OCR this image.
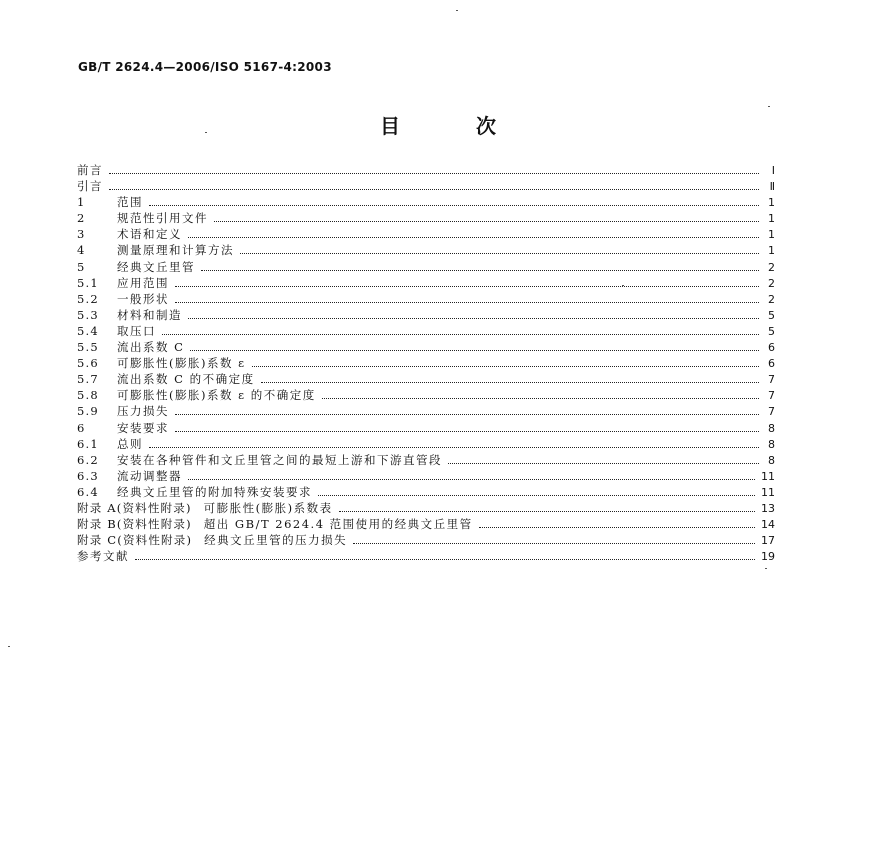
GB/T 2624.4—2006/ISO 5167-4:2003
目　次
前言	Ⅰ
引言	Ⅱ
1	范围	1
2	规范性引用文件	1
3	术语和定义	1
4	测量原理和计算方法	1
5	经典文丘里管	2
5.1	应用范围	2
5.2	一般形状	2
5.3	材料和制造	5
5.4	取压口	5
5.5	流出系数 C	6
5.6	可膨胀性(膨胀)系数 ε	6
5.7	流出系数 C 的不确定度	7
5.8	可膨胀性(膨胀)系数 ε 的不确定度	7
5.9	压力损失	7
6	安装要求	8
6.1	总则	8
6.2	安装在各种管件和文丘里管之间的最短上游和下游直管段	8
6.3	流动调整器	11
6.4	经典文丘里管的附加特殊安装要求	11
附录 A(资料性附录) 可膨胀性(膨胀)系数表	13
附录 B(资料性附录) 超出 GB/T 2624.4 范围使用的经典文丘里管	14
附录 C(资料性附录) 经典文丘里管的压力损失	17
参考文献	19
